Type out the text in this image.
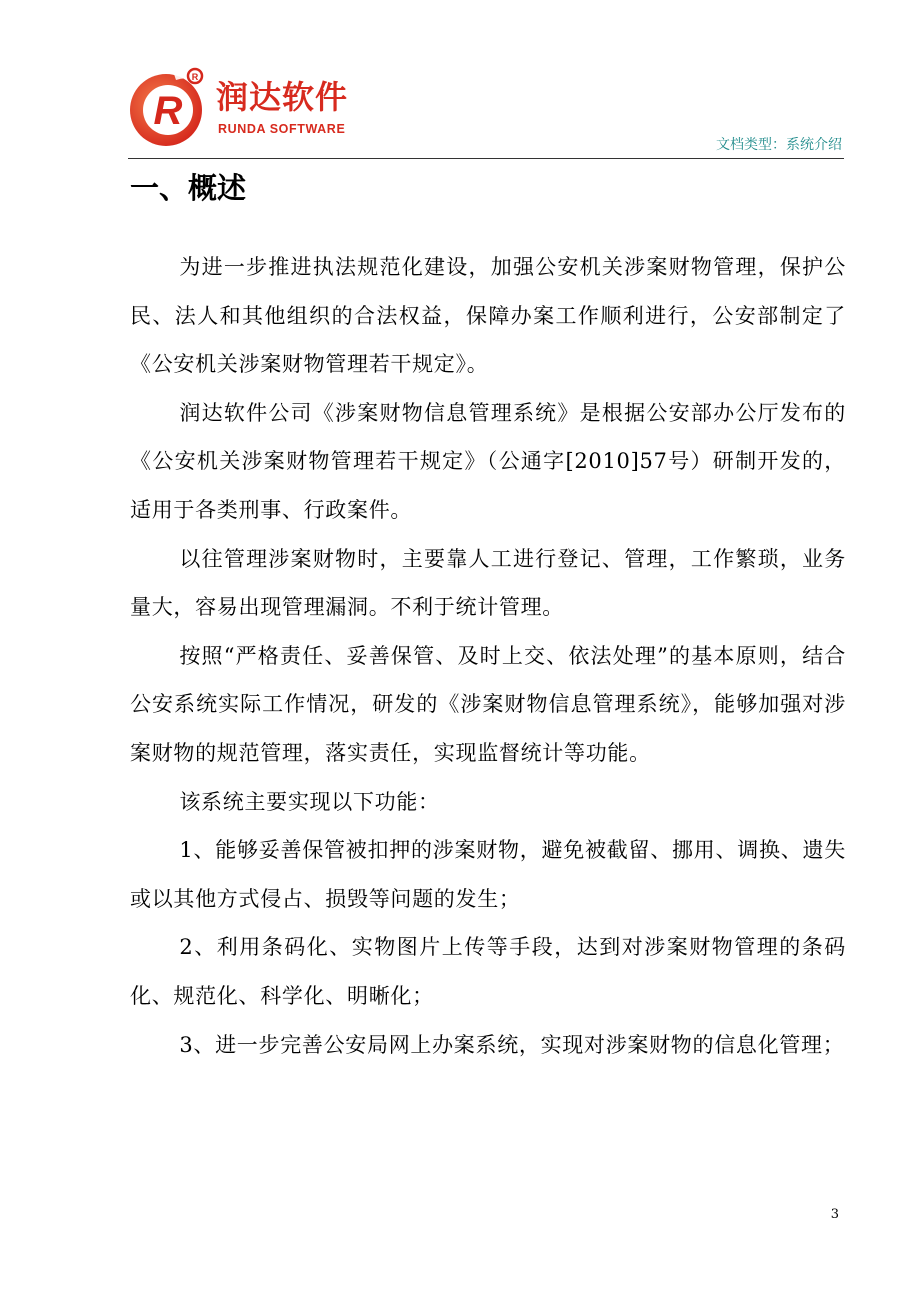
R
R 润达软件
RUNDA SOFTWARE
文档类型：系统介绍
一、概述

为进一步推进执法规范化建设，加强公安机关涉案财物管理，保护公民、法人和其他组织的合法权益，保障办案工作顺利进行，公安部制定了《公安机关涉案财物管理若干规定》。

润达软件公司《涉案财物信息管理系统》是根据公安部办公厅发布的《公安机关涉案财物管理若干规定》（公通字[2010]57号）研制开发的，适用于各类刑事、行政案件。

以往管理涉案财物时，主要靠人工进行登记、管理，工作繁琐，业务量大，容易出现管理漏洞。不利于统计管理。

按照“严格责任、妥善保管、及时上交、依法处理”的基本原则，结合公安系统实际工作情况，研发的《涉案财物信息管理系统》，能够加强对涉案财物的规范管理，落实责任，实现监督统计等功能。

该系统主要实现以下功能：

1、能够妥善保管被扣押的涉案财物，避免被截留、挪用、调换、遗失或以其他方式侵占、损毁等问题的发生；

2、利用条码化、实物图片上传等手段，达到对涉案财物管理的条码化、规范化、科学化、明晰化；

3、进一步完善公安局网上办案系统，实现对涉案财物的信息化管理；

3
